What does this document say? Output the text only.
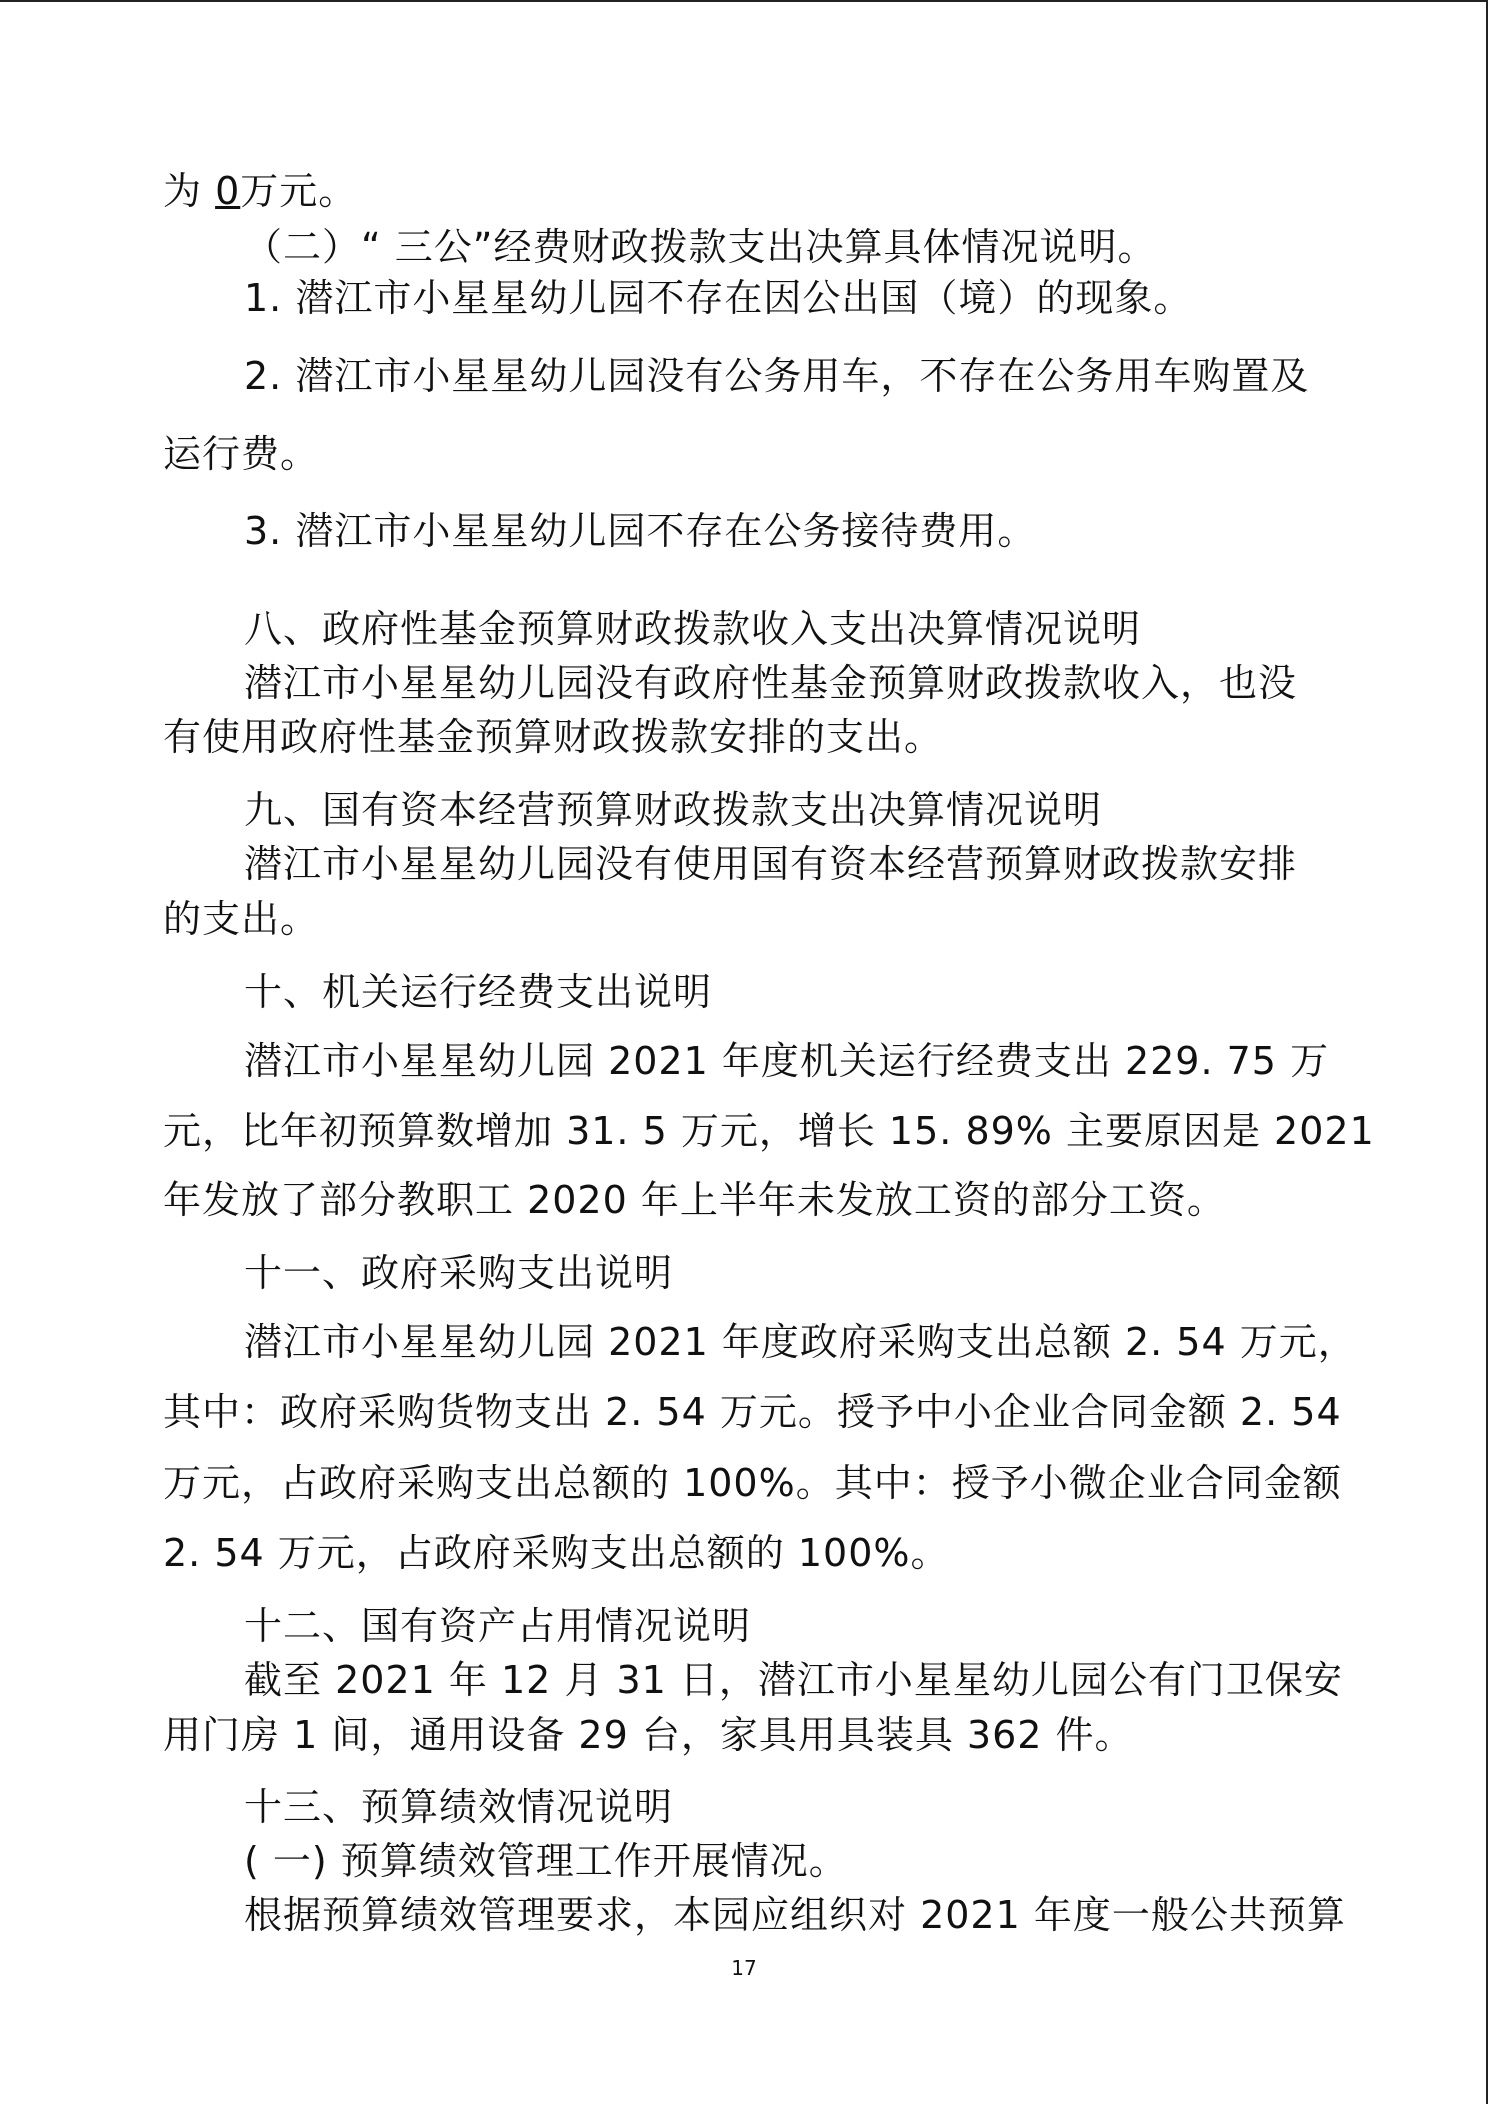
为 0万元。
（二）“ 三公”经费财政拨款支出决算具体情况说明。
1. 潜江市小星星幼儿园不存在因公出国（境）的现象。
2. 潜江市小星星幼儿园没有公务用车，不存在公务用车购置及
运行费。
3. 潜江市小星星幼儿园不存在公务接待费用。
八、政府性基金预算财政拨款收入支出决算情况说明
潜江市小星星幼儿园没有政府性基金预算财政拨款收入，也没
有使用政府性基金预算财政拨款安排的支出。
九、国有资本经营预算财政拨款支出决算情况说明
潜江市小星星幼儿园没有使用国有资本经营预算财政拨款安排
的支出。
十、机关运行经费支出说明
潜江市小星星幼儿园 2021 年度机关运行经费支出 229. 75 万
元，比年初预算数增加 31. 5 万元，增长 15. 89% 主要原因是 2021
年发放了部分教职工 2020 年上半年未发放工资的部分工资。
十一、政府采购支出说明
潜江市小星星幼儿园 2021 年度政府采购支出总额 2. 54 万元，
其中：政府采购货物支出 2. 54 万元。授予中小企业合同金额 2. 54
万元，占政府采购支出总额的 100%。其中：授予小微企业合同金额
2. 54 万元，占政府采购支出总额的 100%。
十二、国有资产占用情况说明
截至 2021 年 12 月 31 日，潜江市小星星幼儿园公有门卫保安
用门房 1 间，通用设备 29 台，家具用具装具 362 件。
十三、预算绩效情况说明
( 一) 预算绩效管理工作开展情况。
根据预算绩效管理要求，本园应组织对 2021 年度一般公共预算
17
